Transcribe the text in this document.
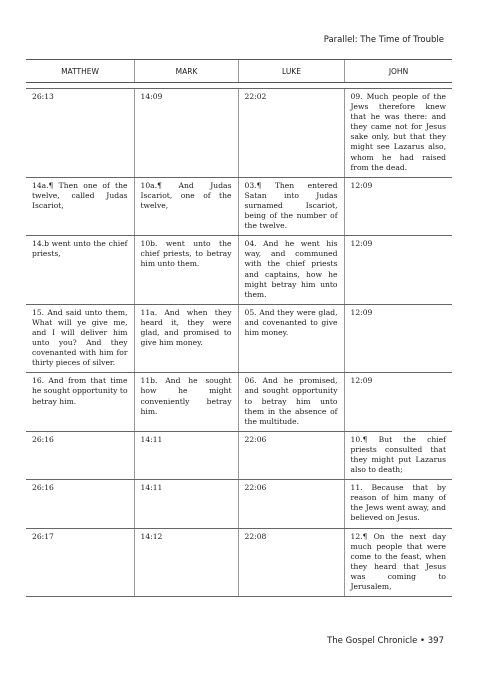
Parallel: The Time of Trouble
MATTHEW	MARK	LUKE	JOHN
26:13	14:09	22:02	09. Much people of the Jews therefore knew that he was there: and they came not for Jesus sake only, but that they might see Lazarus also, whom he had raised from the dead.
14a.¶ Then one of the twelve, called Judas Iscariot,	10a.¶ And Judas Iscariot, one of the twelve,	03.¶ Then entered Satan into Judas surnamed Iscariot, being of the number of the twelve.	12:09
14.b went unto the chief priests,	10b. went unto the chief priests, to betray him unto them.	04. And he went his way, and communed with the chief priests and captains, how he might betray him unto them.	12:09
15. And said unto them, What will ye give me, and I will deliver him unto you? And they covenanted with him for thirty pieces of silver.	11a. And when they heard it, they were glad, and promised to give him money.	05. And they were glad, and covenanted to give him money.	12:09
16. And from that time he sought opportunity to betray him.	11b. And he sought how he might conveniently betray him.	06. And he promised, and sought opportunity to betray him unto them in the absence of the multitude.	12:09
26:16	14:11	22:06	10.¶ But the chief priests consulted that they might put Lazarus also to death;
26:16	14:11	22:06	11. Because that by reason of him many of the Jews went away, and believed on Jesus.
26:17	14:12	22:08	12.¶ On the next day much people that were come to the feast, when they heard that Jesus was coming to Jerusalem,
The Gospel Chronicle • 397
